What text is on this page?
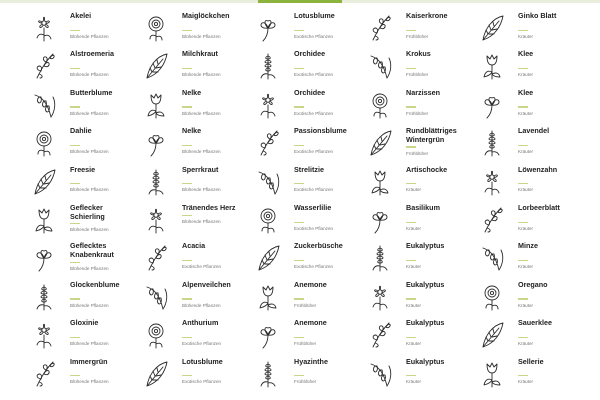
Akelei
Blühende Pflanzen
Maiglöckchen
Blühende Pflanzen
Lotusblume
Exotische Pflanzen
Kaiserkrone
Frühblüher
Ginko Blatt
Kräuter
Alstroemeria
Blühende Pflanzen
Milchkraut
Blühende Pflanzen
Orchidee
Exotische Pflanzen
Krokus
Frühblüher
Klee
Kräuter
Butterblume
Blühende Pflanzen
Nelke
Blühende Pflanzen
Orchidee
Exotische Pflanzen
Narzissen
Frühblüher
Klee
Kräuter
Dahlie
Blühende Pflanzen
Nelke
Blühende Pflanzen
Passionsblume
Exotische Pflanzen
Rundblättriges Wintergrün
Frühblüher
Lavendel
Kräuter
Freesie
Blühende Pflanzen
Sperrkraut
Blühende Pflanzen
Strelitzie
Exotische Pflanzen
Artischocke
Kräuter
Löwenzahn
Kräuter
Geflecker Schierling
Blühende Pflanzen
Tränendes Herz
Blühende Pflanzen
Wasserlilie
Exotische Pflanzen
Basilikum
Kräuter
Lorbeerblatt
Kräuter
Geflecktes Knabenkraut
Blühende Pflanzen
Acacia
Exotische Pflanzen
Zuckerbüsche
Exotische Pflanzen
Eukalyptus
Kräuter
Minze
Kräuter
Glockenblume
Blühende Pflanzen
Alpenveilchen
Blühende Pflanzen
Anemone
Frühblüher
Eukalyptus
Kräuter
Oregano
Kräuter
Gloxinie
Blühende Pflanzen
Anthurium
Exotische Pflanzen
Anemone
Frühblüher
Eukalyptus
Kräuter
Sauerklee
Kräuter
Immergrün
Blühende Pflanzen
Lotusblume
Exotische Pflanzen
Hyazinthe
Frühblüher
Eukalyptus
Kräuter
Sellerie
Kräuter
